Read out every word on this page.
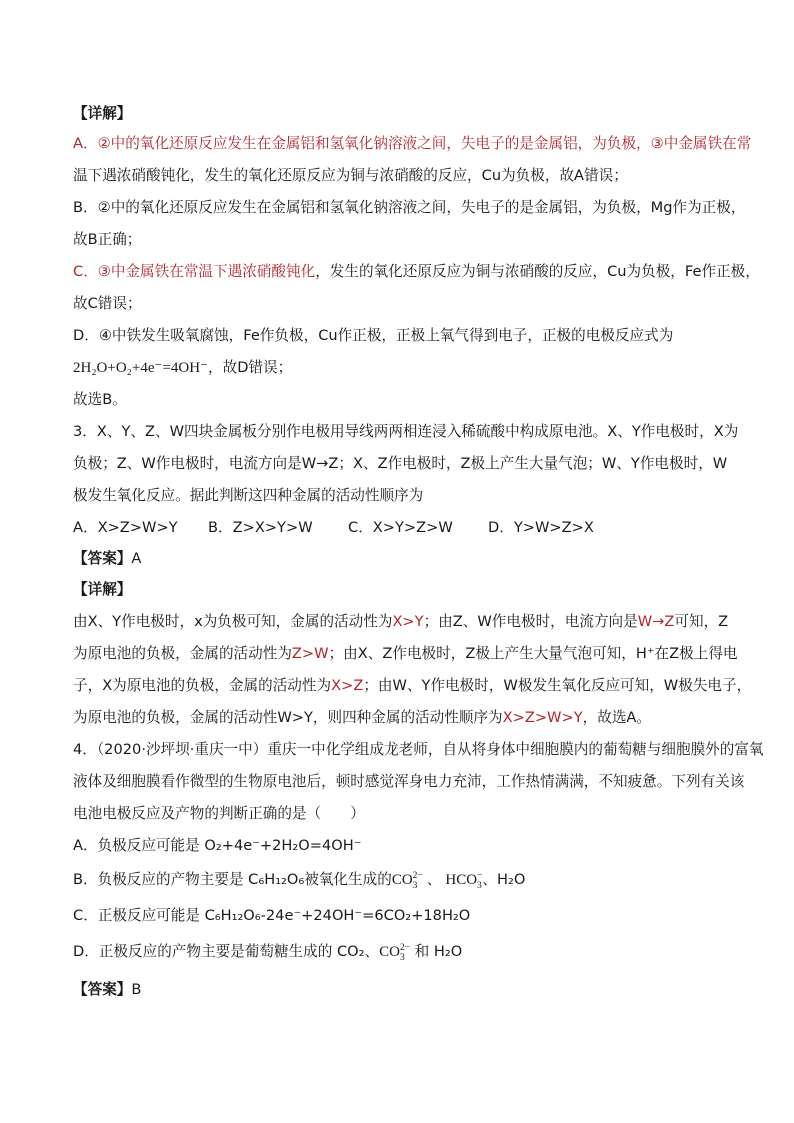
【详解】
A．②中的氧化还原反应发生在金属铝和氢氧化钠溶液之间，失电子的是金属铝，为负极，③中金属铁在常
温下遇浓硝酸钝化，发生的氧化还原反应为铜与浓硝酸的反应，Cu为负极，故A错误；
B．②中的氧化还原反应发生在金属铝和氢氧化钠溶液之间，失电子的是金属铝，为负极，Mg作为正极，
故B正确；
C．③中金属铁在常温下遇浓硝酸钝化，发生的氧化还原反应为铜与浓硝酸的反应，Cu为负极，Fe作正极，
故C错误；
D．④中铁发生吸氧腐蚀，Fe作负极，Cu作正极，正极上氧气得到电子，正极的电极反应式为
2H₂O+O₂+4e⁻=4OH⁻，故D错误；
故选B。
3．X、Y、Z、W四块金属板分别作电极用导线两两相连浸入稀硫酸中构成原电池。X、Y作电极时，X为
负极；Z、W作电极时，电流方向是W→Z；X、Z作电极时，Z极上产生大量气泡；W、Y作电极时，W
极发生氧化反应。据此判断这四种金属的活动性顺序为
A．X>Z>W>Y B．Z>X>Y>W C．X>Y>Z>W D．Y>W>Z>X
【答案】A
【详解】
由X、Y作电极时，x为负极可知，金属的活动性为X>Y；由Z、W作电极时，电流方向是W→Z可知，Z
为原电池的负极，金属的活动性为Z>W；由X、Z作电极时，Z极上产生大量气泡可知，H⁺在Z极上得电
子，X为原电池的负极，金属的活动性为X>Z；由W、Y作电极时，W极发生氧化反应可知，W极失电子，
为原电池的负极，金属的活动性W>Y，则四种金属的活动性顺序为X>Z>W>Y，故选A。
4．（2020·沙坪坝·重庆一中）重庆一中化学组成龙老师，自从将身体中细胞膜内的葡萄糖与细胞膜外的富氧
液体及细胞膜看作微型的生物原电池后，顿时感觉浑身电力充沛，工作热情满满，不知疲惫。下列有关该
电池电极反应及产物的判断正确的是（　　）
A．负极反应可能是 O₂+4e⁻+2H₂O=4OH⁻
B．负极反应的产物主要是 C₆H₁₂O₆被氧化生成的CO 2−
3 、 HCO −
3 、H₂O
C．正极反应可能是 C₆H₁₂O₆-24e⁻+24OH⁻=6CO₂+18H₂O
D．正极反应的产物主要是葡萄糖生成的 CO₂、CO 2−
3 和 H₂O
【答案】B
